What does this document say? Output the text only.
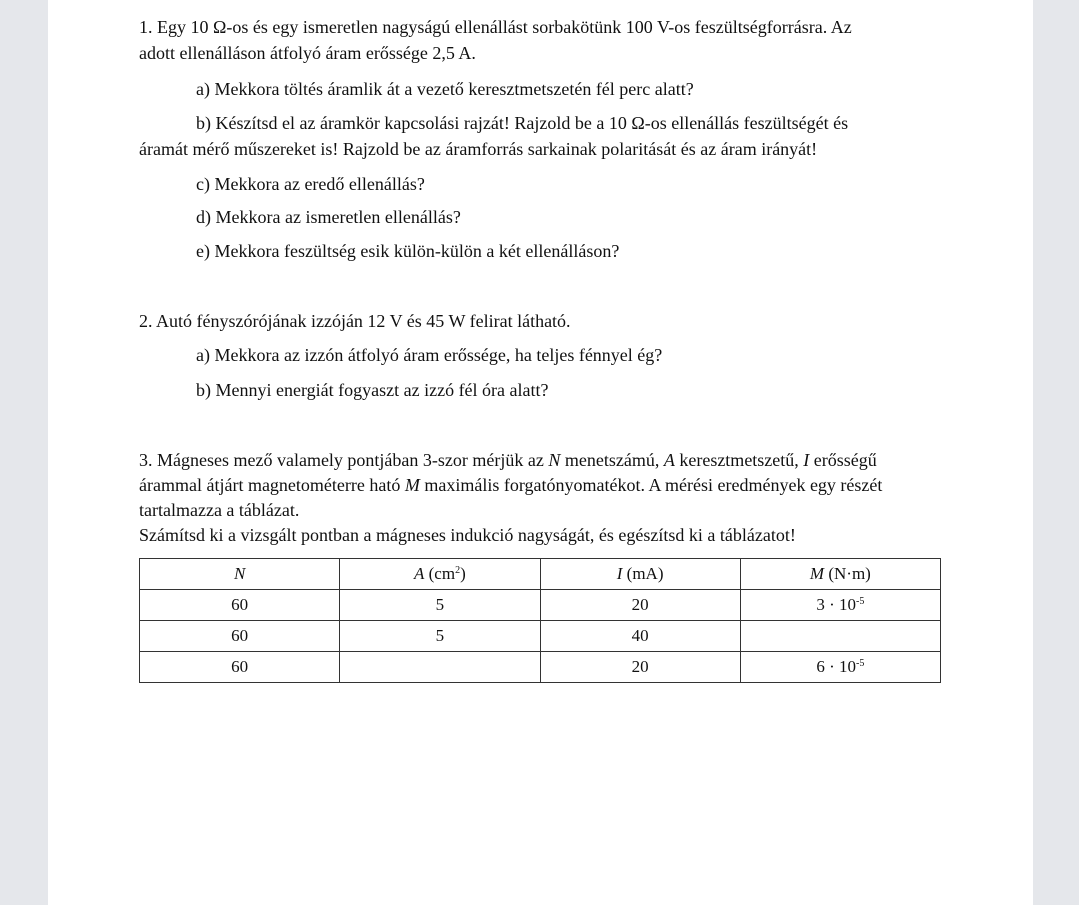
1. Egy 10 Ω-os és egy ismeretlen nagyságú ellenállást sorbakötünk 100 V-os feszültségforrásra. Az
adott ellenálláson átfolyó áram erőssége 2,5 A.
a) Mekkora töltés áramlik át a vezető keresztmetszetén fél perc alatt?
b) Készítsd el az áramkör kapcsolási rajzát! Rajzold be a 10 Ω-os ellenállás feszültségét és
áramát mérő műszereket is! Rajzold be az áramforrás sarkainak polaritását és az áram irányát!
c) Mekkora az eredő ellenállás?
d) Mekkora az ismeretlen ellenállás?
e) Mekkora feszültség esik külön-külön a két ellenálláson?
2. Autó fényszórójának izzóján 12 V és 45 W felirat látható.
a) Mekkora az izzón átfolyó áram erőssége, ha teljes fénnyel ég?
b) Mennyi energiát fogyaszt az izzó fél óra alatt?
3. Mágneses mező valamely pontjában 3-szor mérjük az N menetszámú, A keresztmetszetű, I erősségű
árammal átjárt magnetométerre ható M maximális forgatónyomatékot. A mérési eredmények egy részét
tartalmazza a táblázat.
Számítsd ki a vizsgált pontban a mágneses indukció nagyságát, és egészítsd ki a táblázatot!
N	A $(cm^2)$	I (mA)	M (N·m)
60	5	20	$3 \cdot 10^{-5}$
60	5	40	
60		20	$6 \cdot 10^{-5}$
